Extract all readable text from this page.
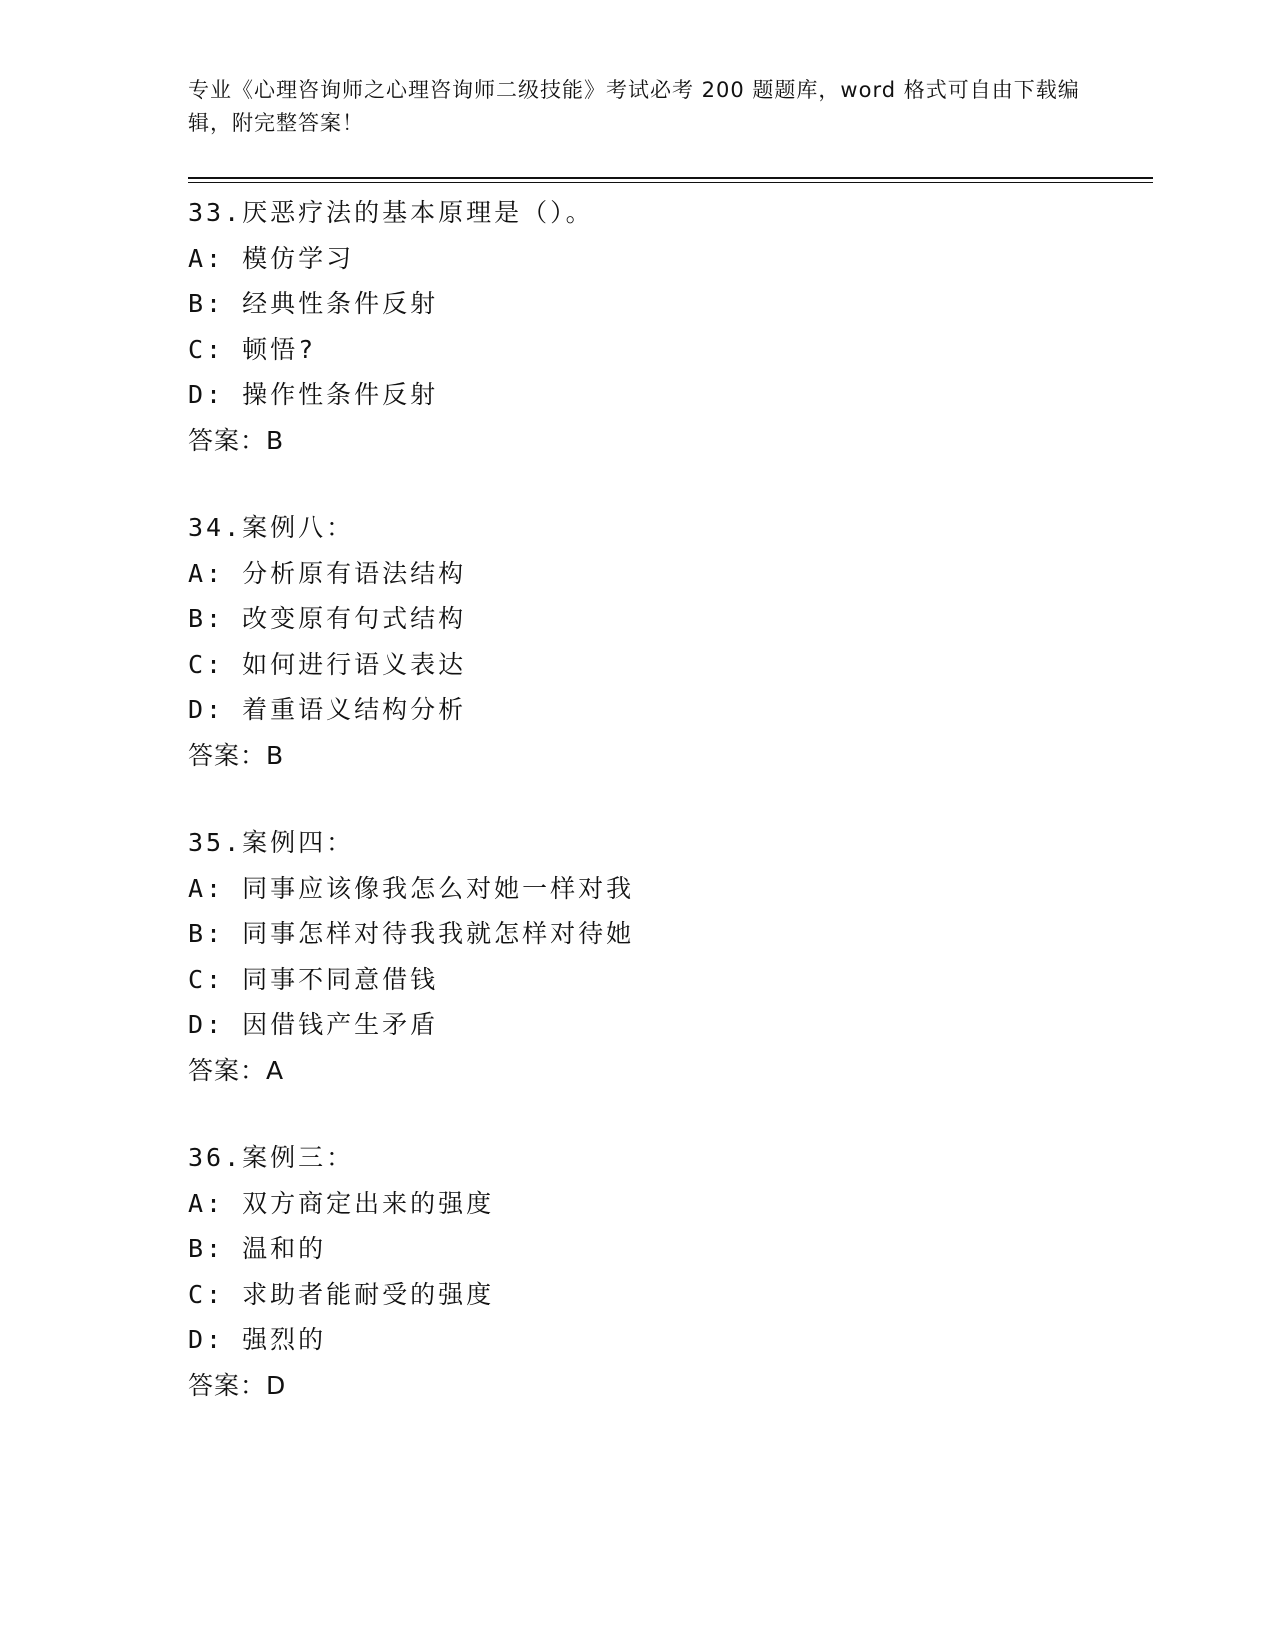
专业《心理咨询师之心理咨询师二级技能》考试必考 200 题题库，word 格式可自由下载编辑，附完整答案！
33.厌恶疗法的基本原理是（）。
A: 模仿学习
B: 经典性条件反射
C: 顿悟?
D: 操作性条件反射
答案：B
34.案例八：
A: 分析原有语法结构
B: 改变原有句式结构
C: 如何进行语义表达
D: 着重语义结构分析
答案：B
35.案例四：
A: 同事应该像我怎么对她一样对我
B: 同事怎样对待我我就怎样对待她
C: 同事不同意借钱
D: 因借钱产生矛盾
答案：A
36.案例三：
A: 双方商定出来的强度
B: 温和的
C: 求助者能耐受的强度
D: 强烈的
答案：D
